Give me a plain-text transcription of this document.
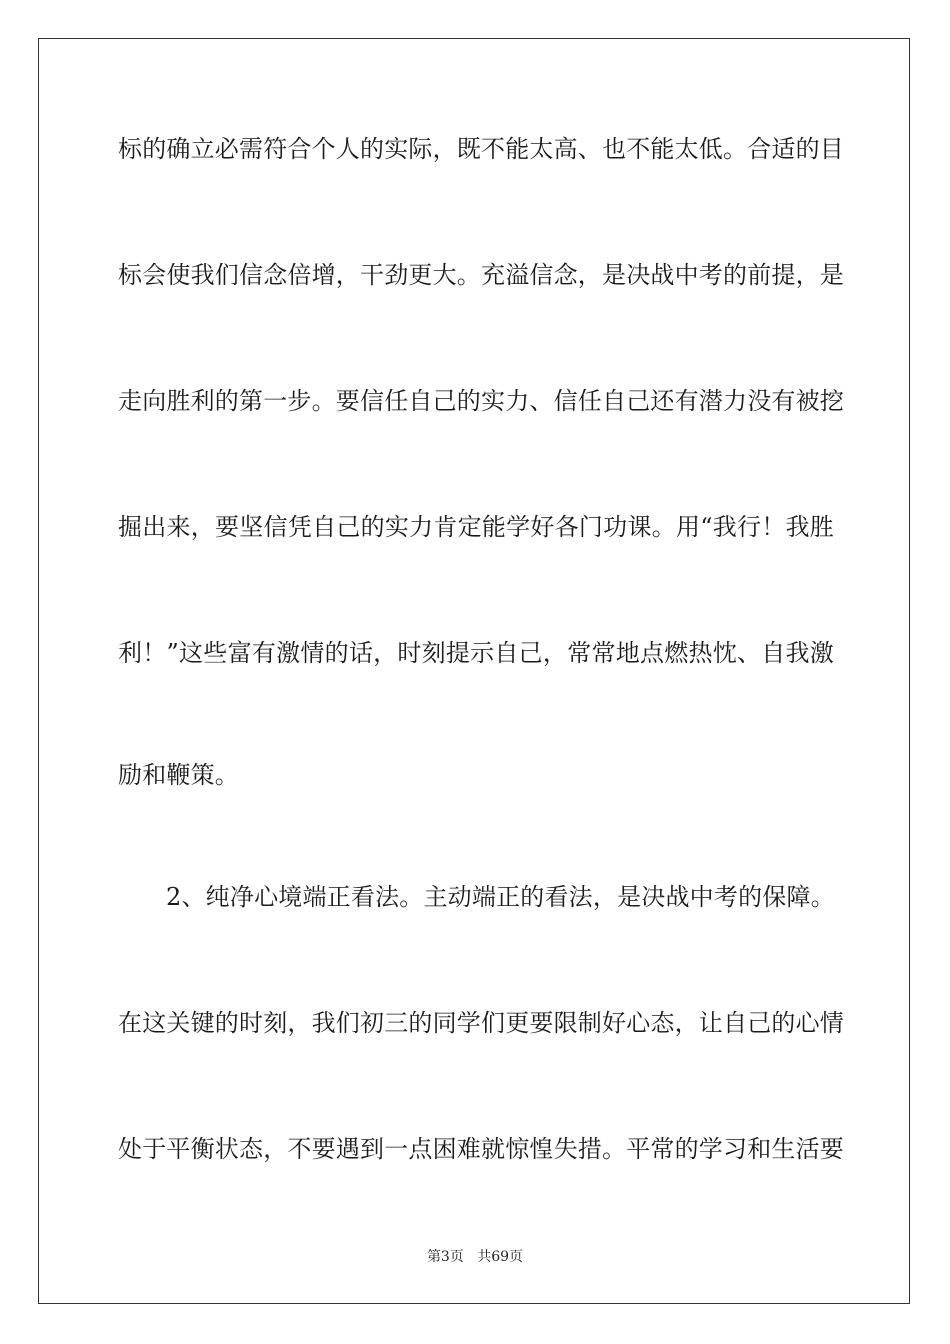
标的确立必需符合个人的实际，既不能太高、也不能太低。合适的目
标会使我们信念倍增，干劲更大。充溢信念，是决战中考的前提，是
走向胜利的第一步。要信任自己的实力、信任自己还有潜力没有被挖
掘出来，要坚信凭自己的实力肯定能学好各门功课。用“我行！我胜
利！”这些富有激情的话，时刻提示自己，常常地点燃热忱、自我激
励和鞭策。
2、纯净心境端正看法。主动端正的看法，是决战中考的保障。
在这关键的时刻，我们初三的同学们更要限制好心态，让自己的心情
处于平衡状态，不要遇到一点困难就惊惶失措。平常的学习和生活要
第3页 共69页
